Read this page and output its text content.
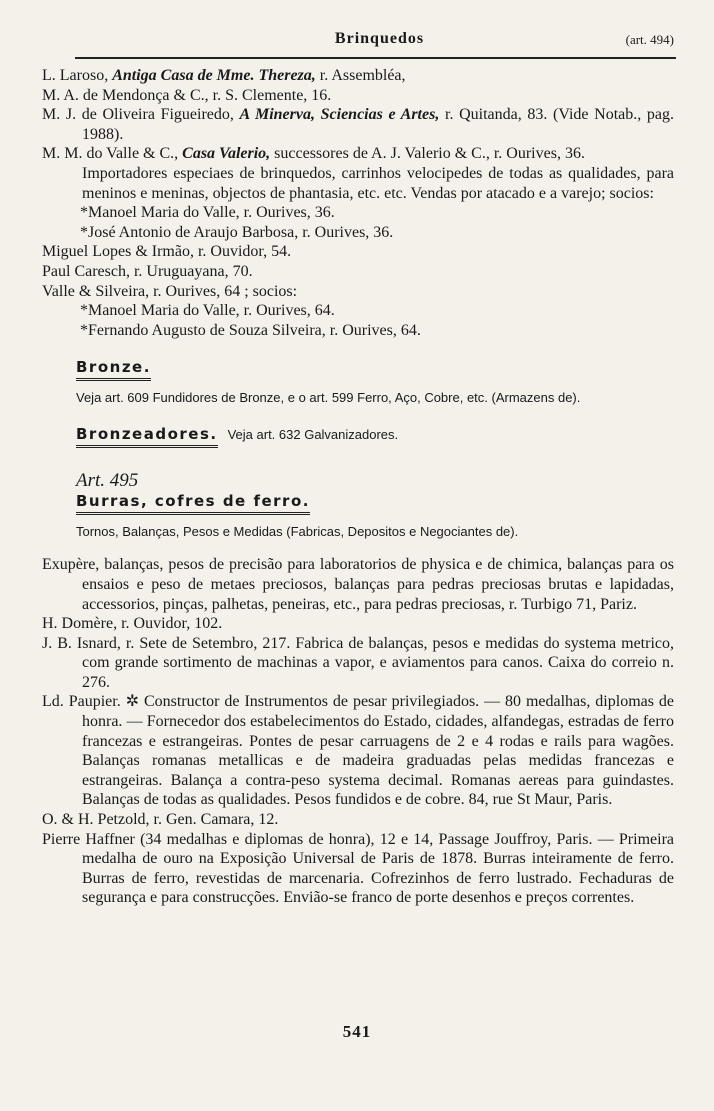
Brinquedos	(art. 494)

L. Laroso, Antiga Casa de Mme. Thereza, r. Assembléa,

M. A. de Mendonça & C., r. S. Clemente, 16.

M. J. de Oliveira Figueiredo, A Minerva, Sciencias e Artes, r. Quitanda, 83. (Vide Notab., pag. 1988).

M. M. do Valle & C., Casa Valerio, successores de A. J. Valerio & C., r. Ourives, 36.

Importadores especiaes de brinquedos, carrinhos velocipedes de todas as qualidades, para meninos e meninas, objectos de phantasia, etc. etc. Vendas por atacado e a varejo; socios:

*Manoel Maria do Valle, r. Ourives, 36.

*José Antonio de Araujo Barbosa, r. Ourives, 36.

Miguel Lopes & Irmão, r. Ouvidor, 54.

Paul Caresch, r. Uruguayana, 70.

Valle & Silveira, r. Ourives, 64 ; socios:

*Manoel Maria do Valle, r. Ourives, 64.

*Fernando Augusto de Souza Silveira, r. Ourives, 64.

Bronze.
Veja art. 609 Fundidores de Bronze, e o art. 599 Ferro, Aço, Cobre, etc. (Armazens de).
Bronzeadores. Veja art. 632 Galvanizadores.
Art. 495
Burras, cofres de ferro.
Tornos, Balanças, Pesos e Medidas (Fabricas, Depositos e Negociantes de).

Exupère, balanças, pesos de precisão para laboratorios de physica e de chimica, balanças para os ensaios e peso de metaes preciosos, balanças para pedras preciosas brutas e lapidadas, accessorios, pinças, palhetas, peneiras, etc., para pedras preciosas, r. Turbigo 71, Pariz.

H. Domère, r. Ouvidor, 102.

J. B. Isnard, r. Sete de Setembro, 217. Fabrica de balanças, pesos e medidas do systema metrico, com grande sortimento de machinas a vapor, e aviamentos para canos. Caixa do correio n. 276.

Ld. Paupier. ✲ Constructor de Instrumentos de pesar privilegiados. — 80 medalhas, diplomas de honra. — Fornecedor dos estabelecimentos do Estado, cidades, alfandegas, estradas de ferro francezas e estrangeiras. Pontes de pesar carruagens de 2 e 4 rodas e rails para wagões. Balanças romanas metallicas e de madeira graduadas pelas medidas francezas e estrangeiras. Balança a contra-peso systema decimal. Romanas aereas para guindastes. Balanças de todas as qualidades. Pesos fundidos e de cobre. 84, rue St Maur, Paris.

O. & H. Petzold, r. Gen. Camara, 12.

Pierre Haffner (34 medalhas e diplomas de honra), 12 e 14, Passage Jouffroy, Paris. — Primeira medalha de ouro na Exposição Universal de Paris de 1878. Burras inteiramente de ferro. Burras de ferro, revestidas de marcenaria. Cofrezinhos de ferro lustrado. Fechaduras de segurança e para construcções. Envião-se franco de porte desenhos e preços correntes.

541
